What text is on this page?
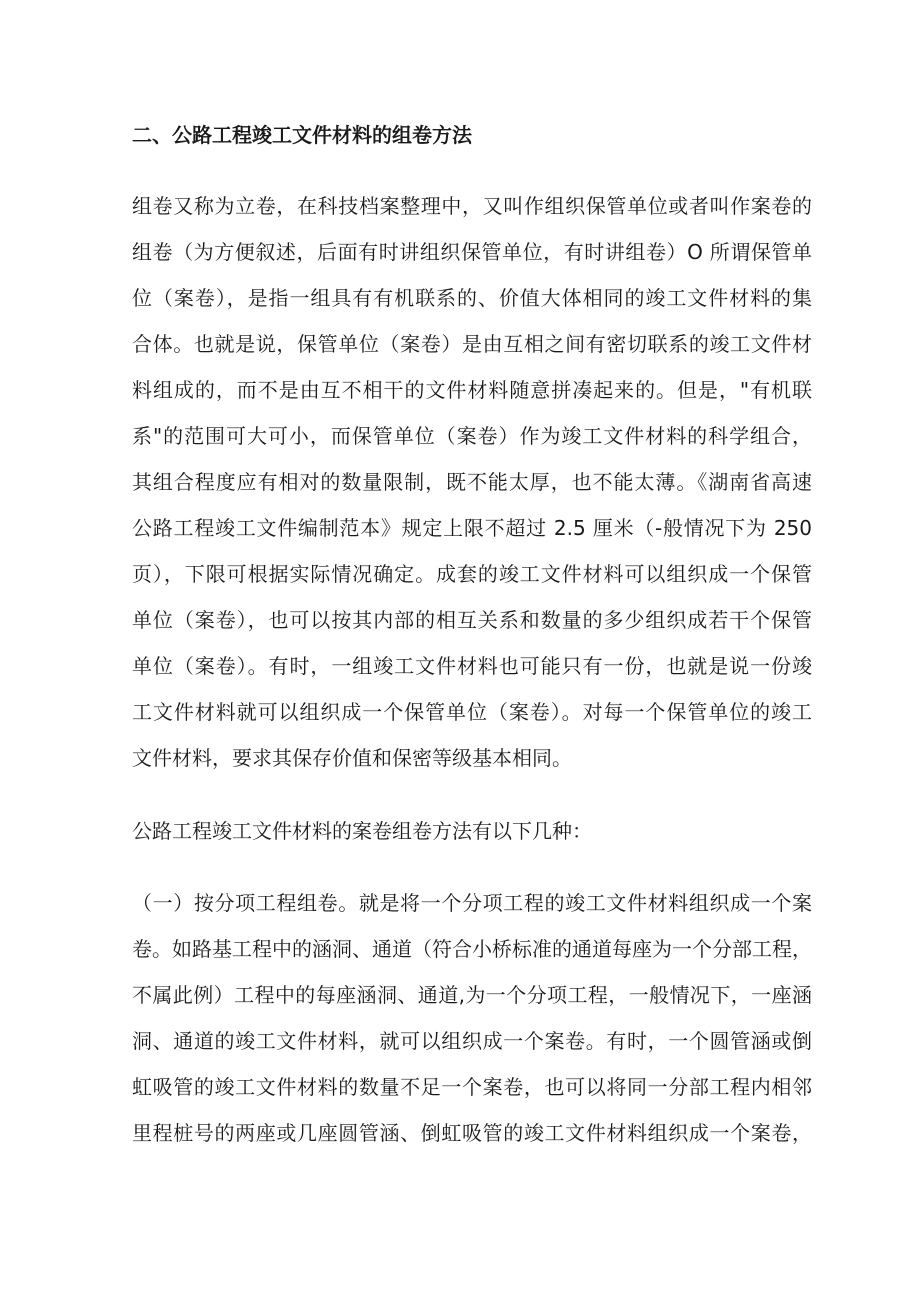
二、公路工程竣工文件材料的组卷方法
组卷又称为立卷，在科技档案整理中，又叫作组织保管单位或者叫作案卷的
组卷（为方便叙述，后面有时讲组织保管单位，有时讲组卷）O 所谓保管单
位（案卷），是指一组具有有机联系的、价值大体相同的竣工文件材料的集
合体。也就是说，保管单位（案卷）是由互相之间有密切联系的竣工文件材
料组成的，而不是由互不相干的文件材料随意拼凑起来的。但是，"有机联
系"的范围可大可小，而保管单位（案卷）作为竣工文件材料的科学组合，
其组合程度应有相对的数量限制，既不能太厚，也不能太薄。《湖南省高速
公路工程竣工文件编制范本》规定上限不超过 2.5 厘米（-般情况下为 250
页），下限可根据实际情况确定。成套的竣工文件材料可以组织成一个保管
单位（案卷），也可以按其内部的相互关系和数量的多少组织成若干个保管
单位（案卷）。有时，一组竣工文件材料也可能只有一份，也就是说一份竣
工文件材料就可以组织成一个保管单位（案卷）。对每一个保管单位的竣工
文件材料，要求其保存价值和保密等级基本相同。
公路工程竣工文件材料的案卷组卷方法有以下几种：
（一）按分项工程组卷。就是将一个分项工程的竣工文件材料组织成一个案
卷。如路基工程中的涵洞、通道（符合小桥标准的通道每座为一个分部工程，
不属此例）工程中的每座涵洞、通道,为一个分项工程，一般情况下，一座涵
洞、通道的竣工文件材料，就可以组织成一个案卷。有时，一个圆管涵或倒
虹吸管的竣工文件材料的数量不足一个案卷，也可以将同一分部工程内相邻
里程桩号的两座或几座圆管涵、倒虹吸管的竣工文件材料组织成一个案卷，
